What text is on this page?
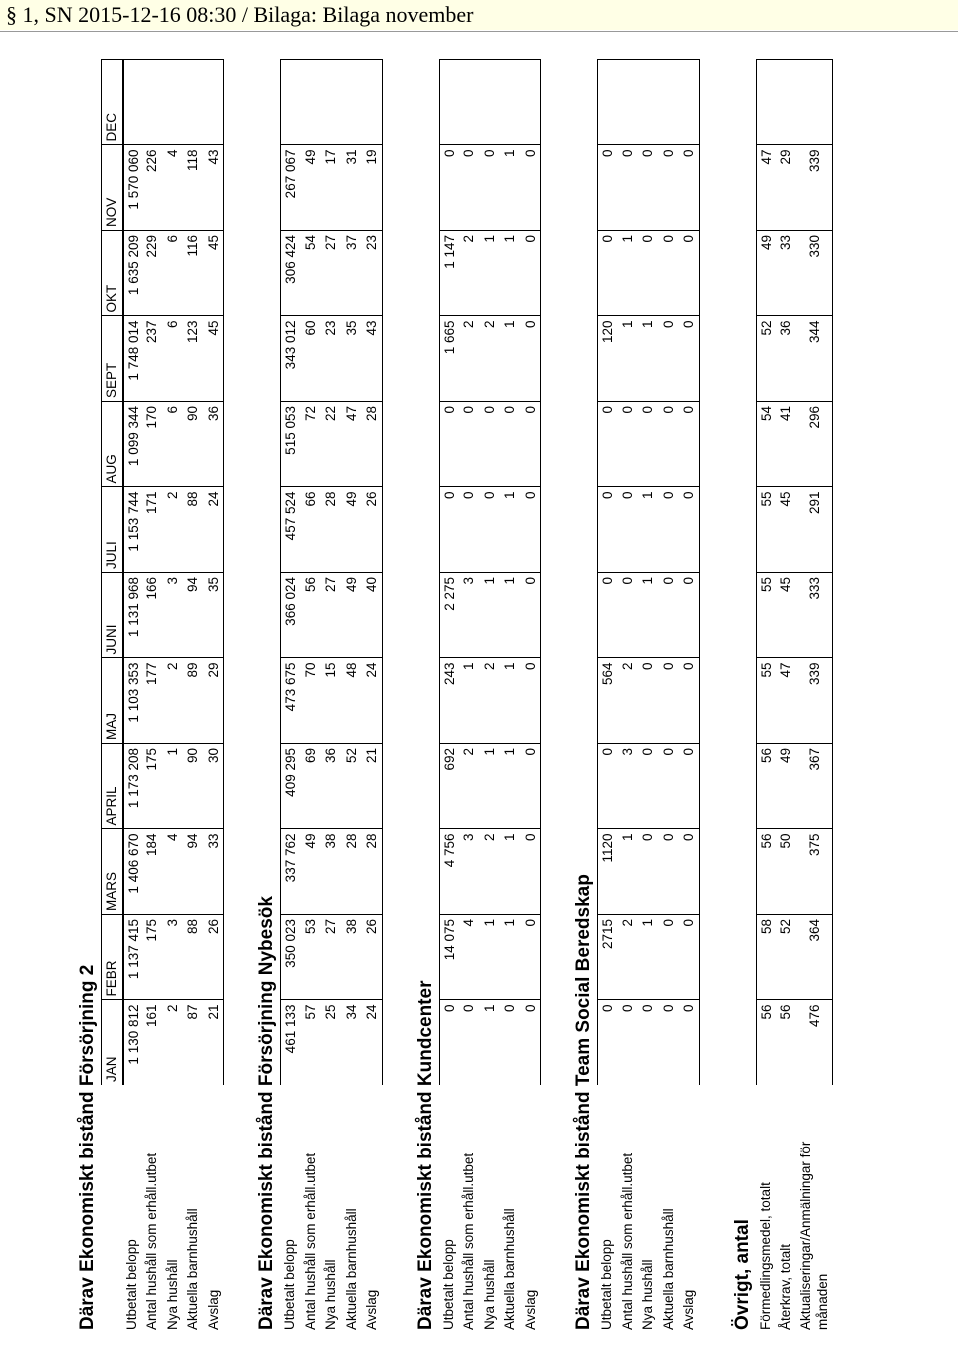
§ 1, SN 2015-12-16 08:30 / Bilaga: Bilaga november
Därav Ekonomiskt bistånd Försörjning 2 JAN
FEBR
MARS
APRIL
MAJ
JUNI
JULI
AUG
SEPT
OKT
NOV
DEC
Utbetalt belopp
1 130 812
1 137 415
1 406 670
1 173 208
1 103 353
1 131 968
1 153 744
1 099 344
1 748 014
1 635 209
1 570 060
Antal hushåll som erhåll.utbet
161
175
184
175
177
166
171
170
237
229
226
Nya hushåll
2
3
4
1
2
3
2
6
6
6
4
Aktuella barnhushåll
87
88
94
90
89
94
88
90
123
116
118
Avslag
21
26
33
30
29
35
24
36
45
45
43
Därav Ekonomiskt bistånd Försörjning Nybesök Utbetalt belopp
461 133
350 023
337 762
409 295
473 675
366 024
457 524
515 053
343 012
306 424
267 067
Antal hushåll som erhåll.utbet
57
53
49
69
70
56
66
72
60
54
49
Nya hushåll
25
27
38
36
15
27
28
22
23
27
17
Aktuella barnhushåll
34
38
28
52
48
49
49
47
35
37
31
Avslag
24
26
28
21
24
40
26
28
43
23
19
Därav Ekonomiskt bistånd Kundcenter Utbetalt belopp
0
14 075
4 756
692
243
2 275
0
0
1 665
1 147
0
Antal hushåll som erhåll.utbet
0
4
3
2
1
3
0
0
2
2
0
Nya hushåll
1
1
2
1
2
1
0
0
2
1
0
Aktuella barnhushåll
0
1
1
1
1
1
1
0
1
1
1
Avslag
0
0
0
0
0
0
0
0
0
0
0
Därav Ekonomiskt bistånd Team Social Beredskap Utbetalt belopp
0
2715
1120
0
564
0
0
0
120
0
0
Antal hushåll som erhåll.utbet
0
2
1
3
2
0
0
0
1
1
0
Nya hushåll
0
1
0
0
0
1
1
0
1
0
0
Aktuella barnhushåll
0
0
0
0
0
0
0
0
0
0
0
Avslag
0
0
0
0
0
0
0
0
0
0
0
Övrigt, antal Förmedlingsmedel, totalt
56
58
56
56
55
55
55
54
52
49
47
Återkrav, totalt
56
52
50
49
47
45
45
41
36
33
29
Aktualiseringar/Anmälningar för månaden
476
364
375
367
339
333
291
296
344
330
339
